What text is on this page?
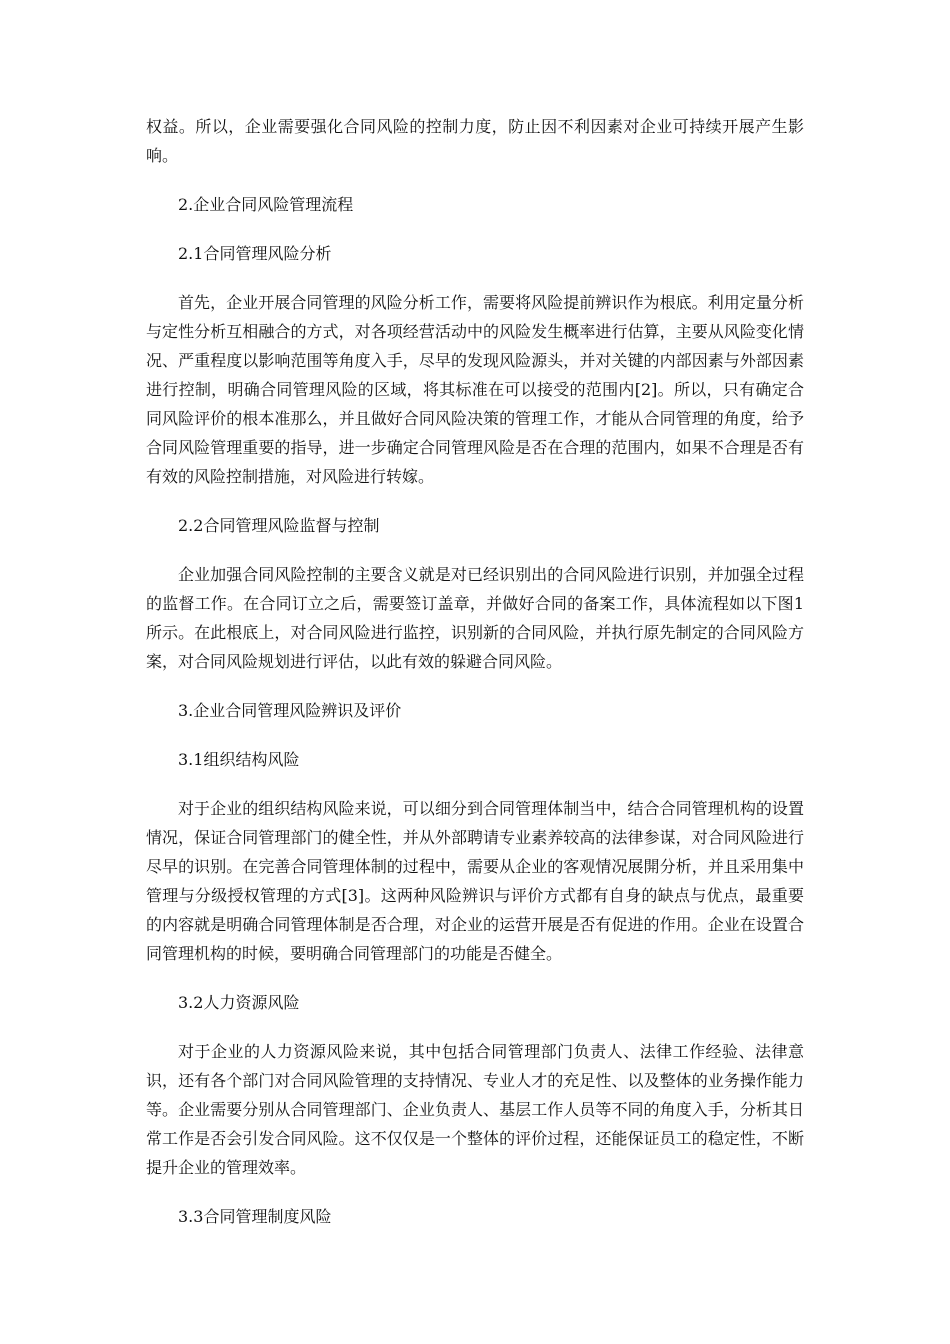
权益。所以，企业需要强化合同风险的控制力度，防止因不利因素对企业可持续开展产生影响。

2.企业合同风险管理流程

2.1合同管理风险分析

首先，企业开展合同管理的风险分析工作，需要将风险提前辨识作为根底。利用定量分析与定性分析互相融合的方式，对各项经营活动中的风险发生概率进行估算，主要从风险变化情况、严重程度以影响范围等角度入手，尽早的发现风险源头，并对关键的内部因素与外部因素进行控制，明确合同管理风险的区域，将其标准在可以接受的范围内[2]。所以，只有确定合同风险评价的根本准那么，并且做好合同风险决策的管理工作，才能从合同管理的角度，给予合同风险管理重要的指导，进一步确定合同管理风险是否在合理的范围内，如果不合理是否有有效的风险控制措施，对风险进行转嫁。

2.2合同管理风险监督与控制

企业加强合同风险控制的主要含义就是对已经识别出的合同风险进行识别，并加强全过程的监督工作。在合同订立之后，需要签订盖章，并做好合同的备案工作，具体流程如以下图1所示。在此根底上，对合同风险进行监控，识别新的合同风险，并执行原先制定的合同风险方案，对合同风险规划进行评估，以此有效的躲避合同风险。

3.企业合同管理风险辨识及评价

3.1组织结构风险

对于企业的组织结构风险来说，可以细分到合同管理体制当中，结合合同管理机构的设置情况，保证合同管理部门的健全性，并从外部聘请专业素养较高的法律参谋，对合同风险进行尽早的识别。在完善合同管理体制的过程中，需要从企业的客观情况展開分析，并且采用集中管理与分级授权管理的方式[3]。这两种风险辨识与评价方式都有自身的缺点与优点，最重要的内容就是明确合同管理体制是否合理，对企业的运营开展是否有促进的作用。企业在设置合同管理机构的时候，要明确合同管理部门的功能是否健全。

3.2人力资源风险

对于企业的人力资源风险来说，其中包括合同管理部门负责人、法律工作经验、法律意识，还有各个部门对合同风险管理的支持情况、专业人才的充足性、以及整体的业务操作能力等。企业需要分别从合同管理部门、企业负责人、基层工作人员等不同的角度入手，分析其日常工作是否会引发合同风险。这不仅仅是一个整体的评价过程，还能保证员工的稳定性，不断提升企业的管理效率。

3.3合同管理制度风险
